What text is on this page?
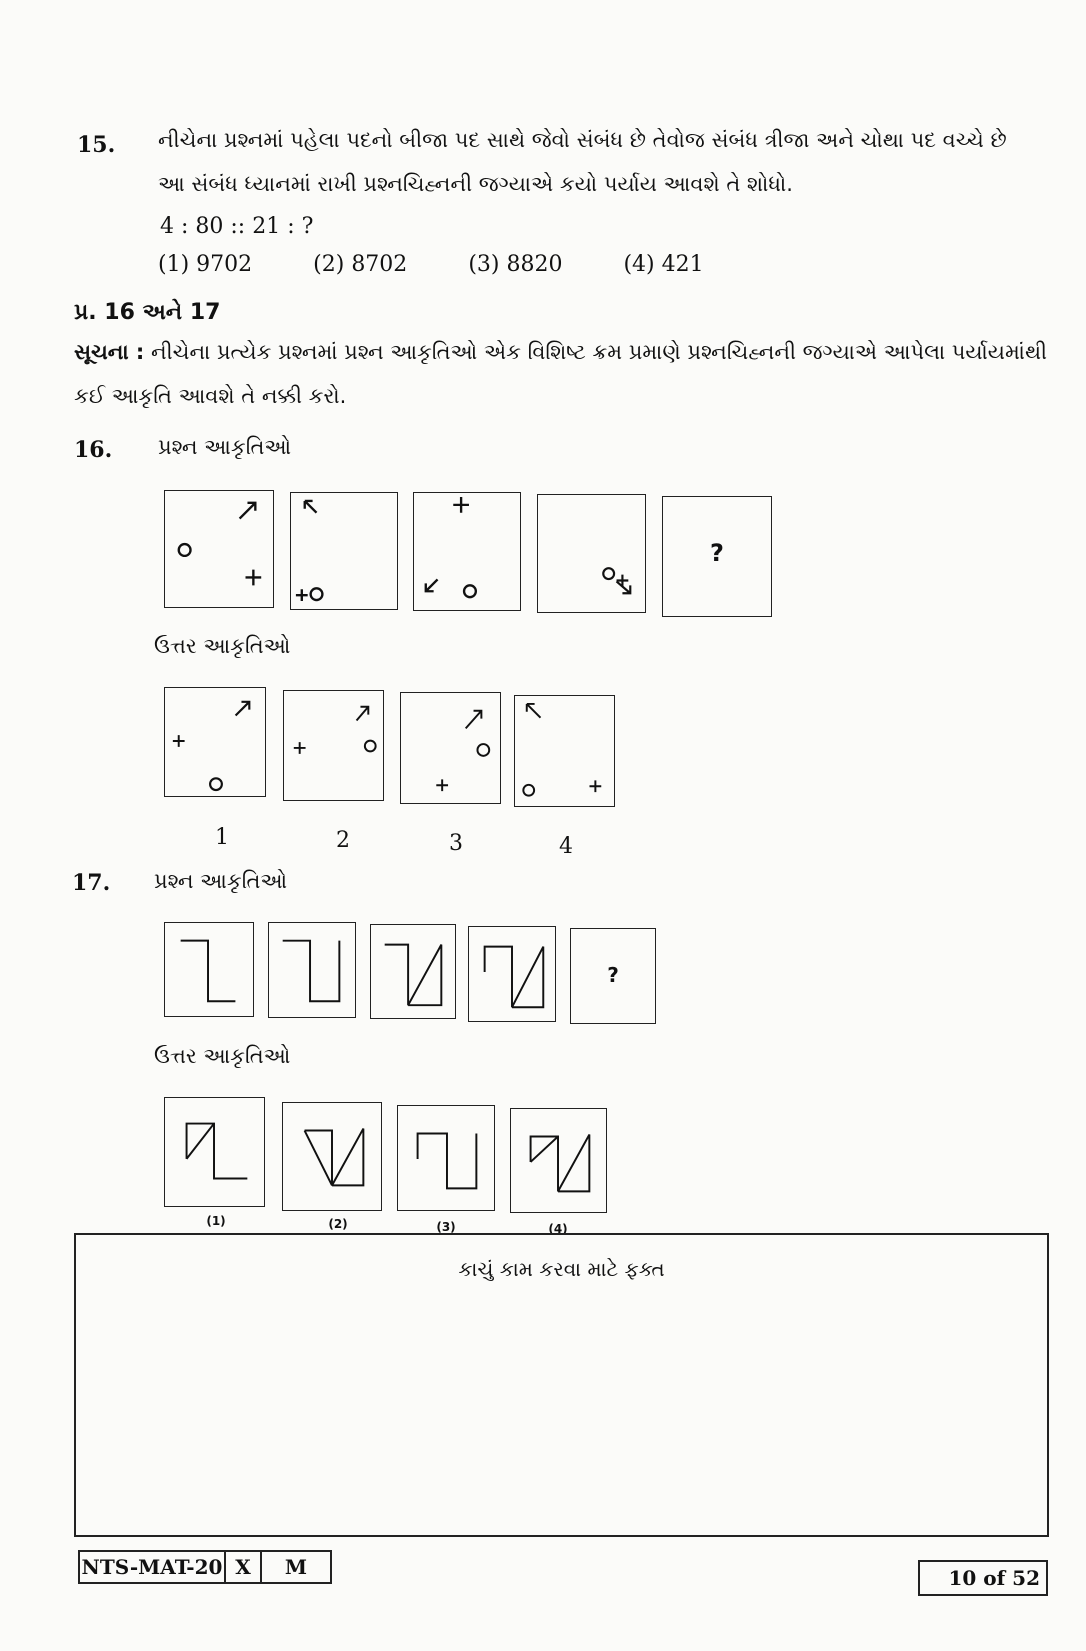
15. નીચેના પ્રશ્નમાં પહેલા પદનો બીજા પદ સાથે જેવો સંબંધ છે તેવોજ સંબંધ ત્રીજા અને ચોથા પદ વચ્ચે છે
આ સંબંધ ધ્યાનમાં રાખી પ્રશ્નચિહ્નની જગ્યાએ કયો પર્યાય આવશે તે શોધો.
4 : 80 :: 21 : ?
(1) 9702	(2) 8702	(3) 8820	(4) 421
પ્ર. 16 અને 17
સૂચના : નીચેના પ્રત્યેક પ્રશ્નમાં પ્રશ્ન આકૃતિઓ એક વિશિષ્ટ ક્રમ પ્રમાણે પ્રશ્નચિહ્નની જગ્યાએ આપેલા પર્યાયમાંથી
કઈ આકૃતિ આવશે તે નક્કી કરો.
16. પ્રશ્ન આકૃતિઓ
?
ઉત્તર આકૃતિઓ
1	2	3	4
17. પ્રશ્ન આકૃતિઓ
?
ઉત્તર આકૃતિઓ
(1)	(2)	(3)	(4)
કાચું કામ કરવા માટે ફક્ત
NTS-MAT-20 X	M	10 of 52
